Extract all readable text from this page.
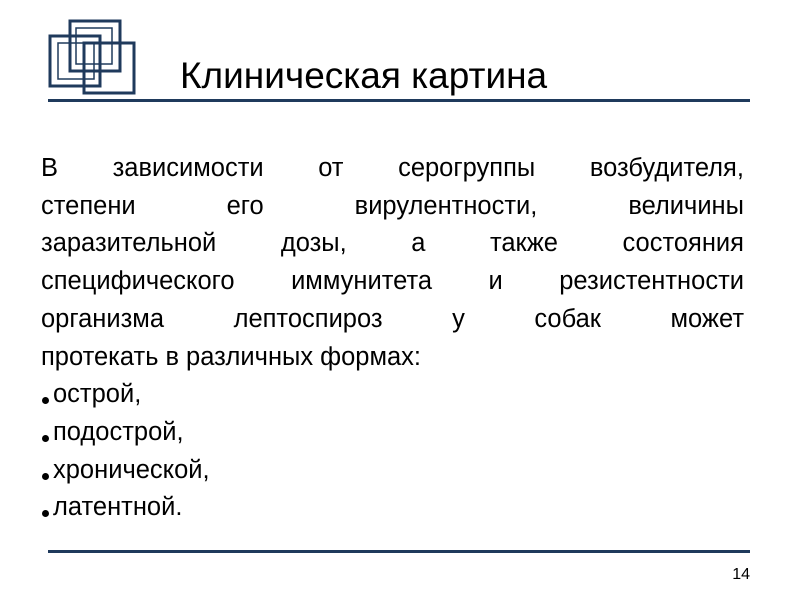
Клиническая картина
В зависимости от серогруппы возбудителя,
степени	его	вирулентности,	величины
заразительной	дозы,	а	также	состояния
специфического иммунитета и резистентности
организма	лептоспироз	у	собак	может
протекать в различных формах:
острой,
подострой,
хронической,
латентной.
14
